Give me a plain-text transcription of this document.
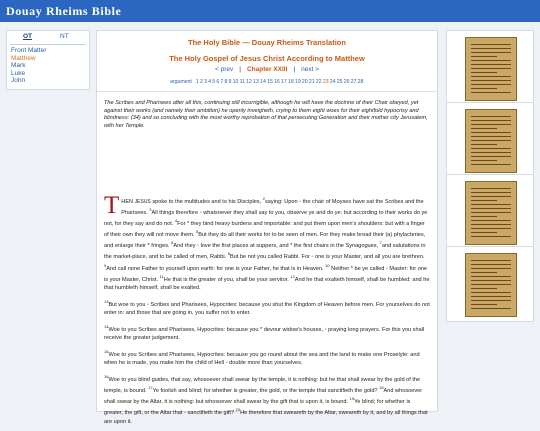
Douay Rheims Bible
OT	NT
Front Matter
Matthew
Mark
Luke
John
The Holy Bible — Douay Rheims Translation
The Holy Gospel of Jesus Christ According to Matthew
< prev | Chapter XXIII | next >
argument 12345678910111213141516171819202122232425262728
The Scribes and Pharisees after all this, continuing still incorrigible, although he will have the doctrine of their Chair obeyed, yet against their works (and namely their ambition) he openly inveigheth, crying to them eight woes for their eightfold hypocrisy and blindness: (34) and so concluding with the most worthy reprobation of that persecuting Generation and their mother city Jerusalem, with her Temple.

THEN JESUS spoke to the multitudes and to his Disciples, $^2$saying: Upon ◦ the chair of Moyses have sat the Scribes and the Pharisees. $^3$All things therefore ◦ whatsoever they shall say to you, observe ye and do ye: but according to their works do ye not, for they say and do not. $^4$For * they bind heavy burdens and importable: and put them upon men's shoulders: but with a finger of their own they will not move them. $^5$But they do all their works for to be seen of men. For they make broad their (a) phylacteries, and enlarge their * fringes. $^6$And they ◦ love the first places at suppers, and * the first chairs in the Synagogues, $^7$and salutations in the market-place, and to be called of men, Rabbi. $^8$But be not you called Rabbi. For ◦ one is your Master, and all you are brethren. $^9$And call none Father to yourself upon earth: for one is your Father, he that is in Heaven. $^{10}$ Neither * be ye called ◦ Master: for one is your Master, Christ. $^{11}$He that is the greater of you, shall be your servitor. $^{12}$And he that exalteth himself, shall be humbled: and he that humbleth himself, shall be exalted.

$^{13}$But woe to you ◦ Scribes and Pharisees, Hypocrites: because you shut the Kingdom of Heaven before men. For yourselves do not enter in: and those that are going in, you suffer not to enter.

$^{14}$Woe to you Scribes and Pharisees, Hypocrites: because you * devour widow's houses, ◦ praying long prayers. For this you shall receive the greater judgement.

$^{15}$Woe to you Scribes and Pharisees, Hypocrites: because you go round about the sea and the land to make one Proselyte: and when he is made, you make him the child of Hell ◦ double more than yourselves.

$^{16}$Woe to you blind guides, that say, whosoever shall swear by the temple, it is nothing: but he that shall swear by the gold of the temple, is bound. $^{17}$Ye foolish and blind; for whether is greater, the gold, or the temple that sanctifieth the gold? $^{18}$And whosoever shall swear by the Altar, it is nothing: but whosoever shall swear by the gift that is upon it, is bound. $^{19}$Ye blind; for whether is greater, the gift, or the Altar that ◦ sanctifieth the gift? $^{20}$He therefore that sweareth by the Altar, sweareth by it, and by all things that are upon it.
